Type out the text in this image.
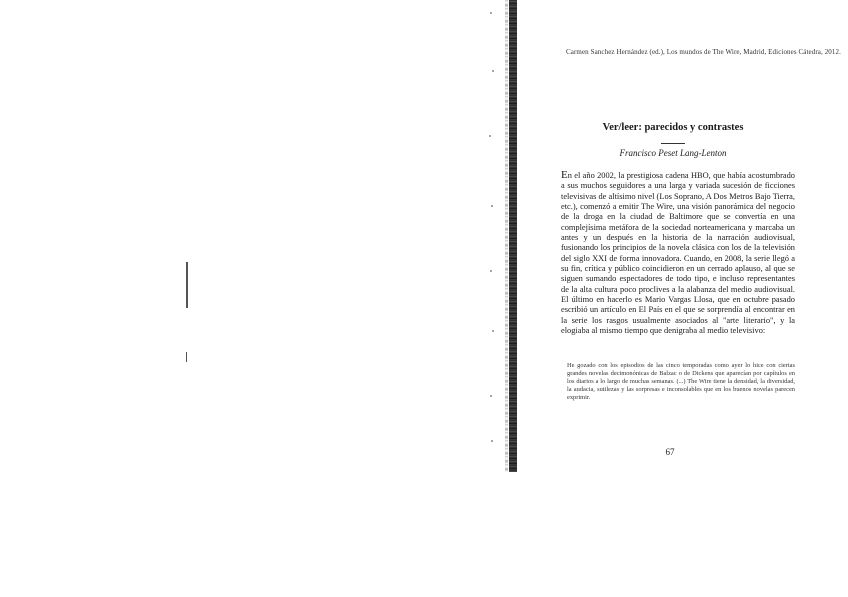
Carmen Sanchez Hernández (ed.), Los mundos de The Wire, Madrid, Ediciones Cátedra, 2012.
Ver/leer: parecidos y contrastes
Francisco Peset Lang-Lenton

En el año 2002, la prestigiosa cadena HBO, que había acostumbrado a sus muchos seguidores a una larga y variada sucesión de ficciones televisivas de altísimo nivel (Los Soprano, A Dos Metros Bajo Tierra, etc.), comenzó a emitir The Wire, una visión panorámica del negocio de la droga en la ciudad de Baltimore que se convertía en una complejísima metáfora de la sociedad norteamericana y marcaba un antes y un después en la historia de la narración audiovisual, fusionando los principios de la novela clásica con los de la televisión del siglo XXI de forma innovadora. Cuando, en 2008, la serie llegó a su fin, crítica y público coincidieron en un cerrado aplauso, al que se siguen sumando espectadores de todo tipo, e incluso representantes de la alta cultura poco proclives a la alabanza del medio audiovisual. El último en hacerlo es Mario Vargas Llosa, que en octubre pasado escribió un artículo en El País en el que se sorprendía al encontrar en la serie los rasgos usualmente asociados al "arte literario", y la elogiaba al mismo tiempo que denigraba al medio televisivo:

He gozado con los episodios de las cinco temporadas como ayer lo hice con ciertas grandes novelas decimonónicas de Balzac o de Dickens que aparecían por capítulos en los diarios a lo largo de muchas semanas. (...) The Wire tiene la densidad, la diversidad, la audacia, sutilezas y las sorpresas e inconsolables que en los buenos novelas parecen exprimir.

67
